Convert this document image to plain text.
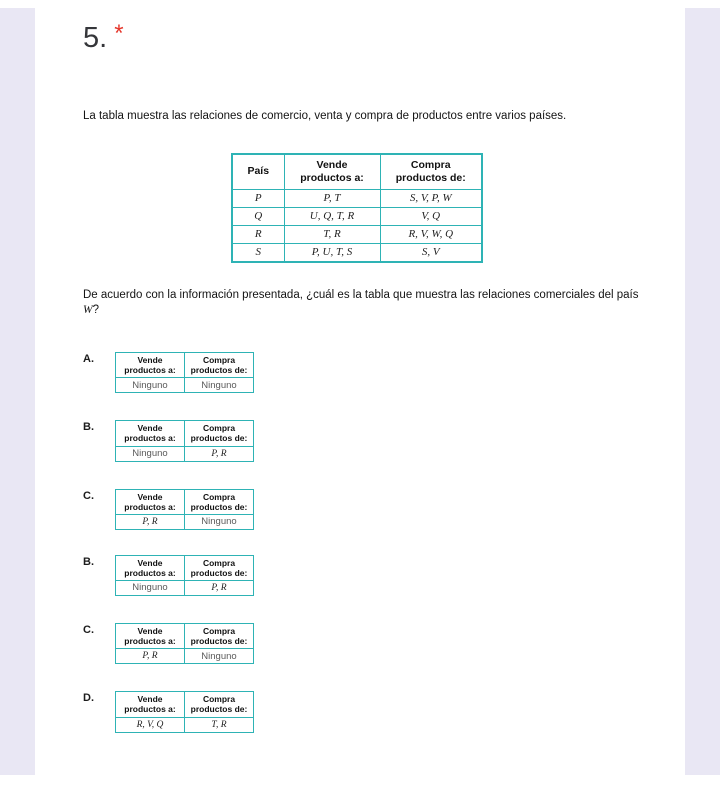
5. *

La tabla muestra las relaciones de comercio, venta y compra de productos entre varios países.

País	Vende productos a:	Compra productos de:
P	P, T	S, V, P, W
Q	U, Q, T, R	V, Q
R	T, R	R, V, W, Q
S	P, U, T, S	S, V

De acuerdo con la información presentada, ¿cuál es la tabla que muestra las relaciones comerciales del país W?

A.	Vende productos a:	Compra productos de:
Ninguno	Ninguno
B.	Vende productos a:	Compra productos de:
Ninguno	P, R
C.	Vende productos a:	Compra productos de:
P, R	Ninguno
B.	Vende productos a:	Compra productos de:
Ninguno	P, R
C.	Vende productos a:	Compra productos de:
P, R	Ninguno
D.	Vende productos a:	Compra productos de:
R, V, Q	T, R
